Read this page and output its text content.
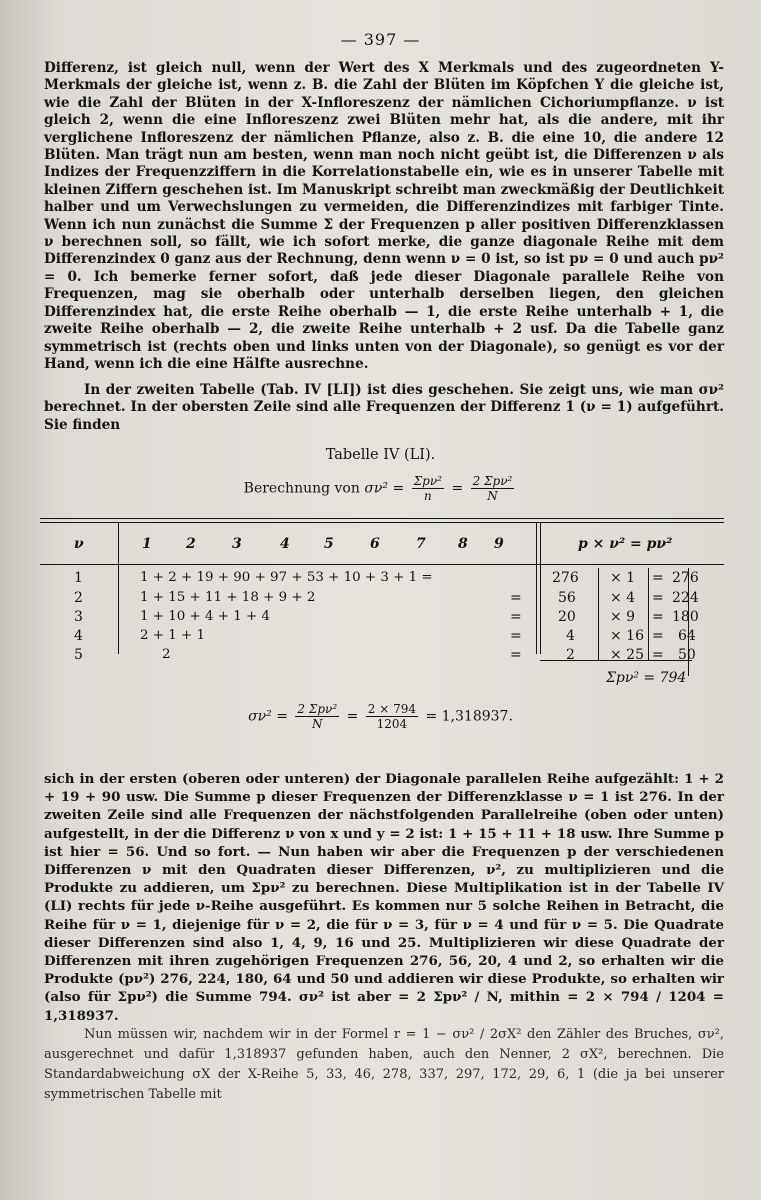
— 397 —
Differenz, ist gleich null, wenn der Wert des X Merkmals und des zugeordneten Y-Merkmals der gleiche ist, wenn z. B. die Zahl der Blüten im Köpfchen Y die gleiche ist, wie die Zahl der Blüten in der X-Infloreszenz der nämlichen Cichoriumpflanze. ν ist gleich 2, wenn die eine Infloreszenz zwei Blüten mehr hat, als die andere, mit ihr verglichene Infloreszenz der nämlichen Pflanze, also z. B. die eine 10, die andere 12 Blüten. Man trägt nun am besten, wenn man noch nicht geübt ist, die Differenzen ν als Indizes der Frequenzziffern in die Korrelationstabelle ein, wie es in unserer Tabelle mit kleinen Ziffern geschehen ist. Im Manuskript schreibt man zweckmäßig der Deutlichkeit halber und um Verwechslungen zu vermeiden, die Differenzindizes mit farbiger Tinte. Wenn ich nun zunächst die Summe Σ der Frequenzen p aller positiven Differenzklassen ν berechnen soll, so fällt, wie ich sofort merke, die ganze diagonale Reihe mit dem Differenzindex 0 ganz aus der Rechnung, denn wenn ν = 0 ist, so ist pν = 0 und auch pν² = 0. Ich bemerke ferner sofort, daß jede dieser Diagonale parallele Reihe von Frequenzen, mag sie oberhalb oder unterhalb derselben liegen, den gleichen Differenzindex hat, die erste Reihe oberhalb — 1, die erste Reihe unterhalb + 1, die zweite Reihe oberhalb — 2, die zweite Reihe unterhalb + 2 usf. Da die Tabelle ganz symmetrisch ist (rechts oben und links unten von der Diagonale), so genügt es vor der Hand, wenn ich die eine Hälfte ausrechne.
In der zweiten Tabelle (Tab. IV [LI]) ist dies geschehen. Sie zeigt uns, wie man σν² berechnet. In der obersten Zeile sind alle Frequenzen der Differenz 1 (ν = 1) aufgeführt. Sie finden
Tabelle IV (LI).
Berechnung von $\sigma\nu^2 = \frac{\text{Σpν²}}{n} = \frac{\text{2 Σpν²}}{N}$
ν	1 2	3	4 5	6	7 8 9	p × ν² = pν²
1	1 + 2 + 19 + 90 + 97 + 53 + 10 + 3 + 1 =	276 × 1 = 276
2	1 + 15 + 11 + 18 + 9 + 2	=	56 × 4 = 224
3	1 + 10 + 4 + 1 + 4	=	20 × 9 = 180
4	2 + 1 + 1	=	4	× 16 = 64
5	2	=	2	× 25 = 50
Σpν² = 794
$\sigma\nu^2 = \frac{\text{2 Σpν²}}{N} = \frac{2 \times 794}{1204} = 1,318937$.
sich in der ersten (oberen oder unteren) der Diagonale parallelen Reihe aufgezählt: 1 + 2 + 19 + 90 usw. Die Summe p dieser Frequenzen der Differenzklasse ν = 1 ist 276. In der zweiten Zeile sind alle Frequenzen der nächstfolgenden Parallelreihe (oben oder unten) aufgestellt, in der die Differenz ν von x und y = 2 ist: 1 + 15 + 11 + 18 usw. Ihre Summe p ist hier = 56. Und so fort. — Nun haben wir aber die Frequenzen p der verschiedenen Differenzen ν mit den Quadraten dieser Differenzen, ν², zu multiplizieren und die Produkte zu addieren, um Σpν² zu berechnen. Diese Multiplikation ist in der Tabelle IV (LI) rechts für jede ν-Reihe ausgeführt. Es kommen nur 5 solche Reihen in Betracht, die Reihe für ν = 1, diejenige für ν = 2, die für ν = 3, für ν = 4 und für ν = 5. Die Quadrate dieser Differenzen sind also 1, 4, 9, 16 und 25. Multiplizieren wir diese Quadrate der Differenzen mit ihren zugehörigen Frequenzen 276, 56, 20, 4 und 2, so erhalten wir die Produkte (pν²) 276, 224, 180, 64 und 50 und addieren wir diese Produkte, so erhalten wir (also für Σpν²) die Summe 794. σν² ist aber = 2 Σpν² / N, mithin = 2 × 794 / 1204 = 1,318937.
Nun müssen wir, nachdem wir in der Formel r = 1 − σν² / 2σX² den Zähler des Bruches, σν², ausgerechnet und dafür 1,318937 gefunden haben, auch den Nenner, 2 σX², berechnen. Die Standardabweichung σX der X-Reihe 5, 33, 46, 278, 337, 297, 172, 29, 6, 1 (die ja bei unserer symmetrischen Tabelle mit
